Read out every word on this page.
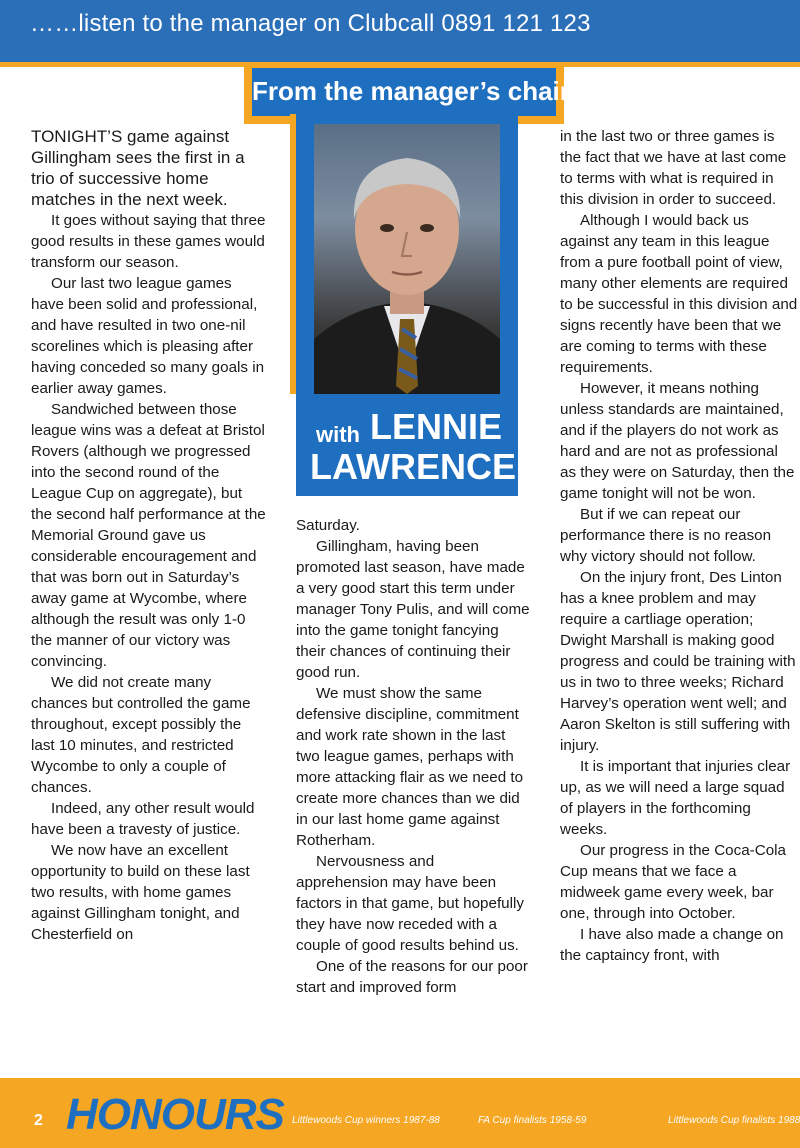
……listen to the manager on Clubcall 0891 121 123
From the manager’s chair
with LENNIE
LAWRENCE

TONIGHT’S game against Gillingham sees the first in a trio of successive home matches in the next week.

It goes without saying that three good results in these games would transform our season.

Our last two league games have been solid and professional, and have resulted in two one-nil scorelines which is pleasing after having conceded so many goals in earlier away games.

Sandwiched between those league wins was a defeat at Bristol Rovers (although we progressed into the second round of the League Cup on aggregate), but the second half performance at the Memorial Ground gave us considerable encouragement and that was born out in Saturday’s away game at Wycombe, where although the result was only 1-0 the manner of our victory was convincing.

We did not create many chances but controlled the game throughout, except possibly the last 10 minutes, and restricted Wycombe to only a couple of chances.

Indeed, any other result would have been a travesty of justice.

We now have an excellent opportunity to build on these last two results, with home games against Gillingham tonight, and Chesterfield on

Saturday.

Gillingham, having been promoted last season, have made a very good start this term under manager Tony Pulis, and will come into the game tonight fancying their chances of continuing their good run.

We must show the same defensive discipline, commitment and work rate shown in the last two league games, perhaps with more attacking flair as we need to create more chances than we did in our last home game against Rotherham.

Nervousness and apprehension may have been factors in that game, but hopefully they have now receded with a couple of good results behind us.

One of the reasons for our poor start and improved form

in the last two or three games is the fact that we have at last come to terms with what is required in this division in order to succeed.

Although I would back us against any team in this league from a pure football point of view, many other elements are required to be successful in this division and signs recently have been that we are coming to terms with these requirements.

However, it means nothing unless standards are maintained, and if the players do not work as hard and are not as professional as they were on Saturday, then the game tonight will not be won.

But if we can repeat our performance there is no reason why victory should not follow.

On the injury front, Des Linton has a knee problem and may require a cartliage operation; Dwight Marshall is making good progress and could be training with us in two to three weeks; Richard Harvey’s operation went well; and Aaron Skelton is still suffering with injury.

It is important that injuries clear up, as we will need a large squad of players in the forthcoming weeks.

Our progress in the Coca-Cola Cup means that we face a midweek game every week, bar one, through into October.

I have also made a change on the captaincy front, with

2 HONOURS Littlewoods Cup winners 1987-88	FA Cup finalists 1958-59	Littlewoods Cup finalists 1988
